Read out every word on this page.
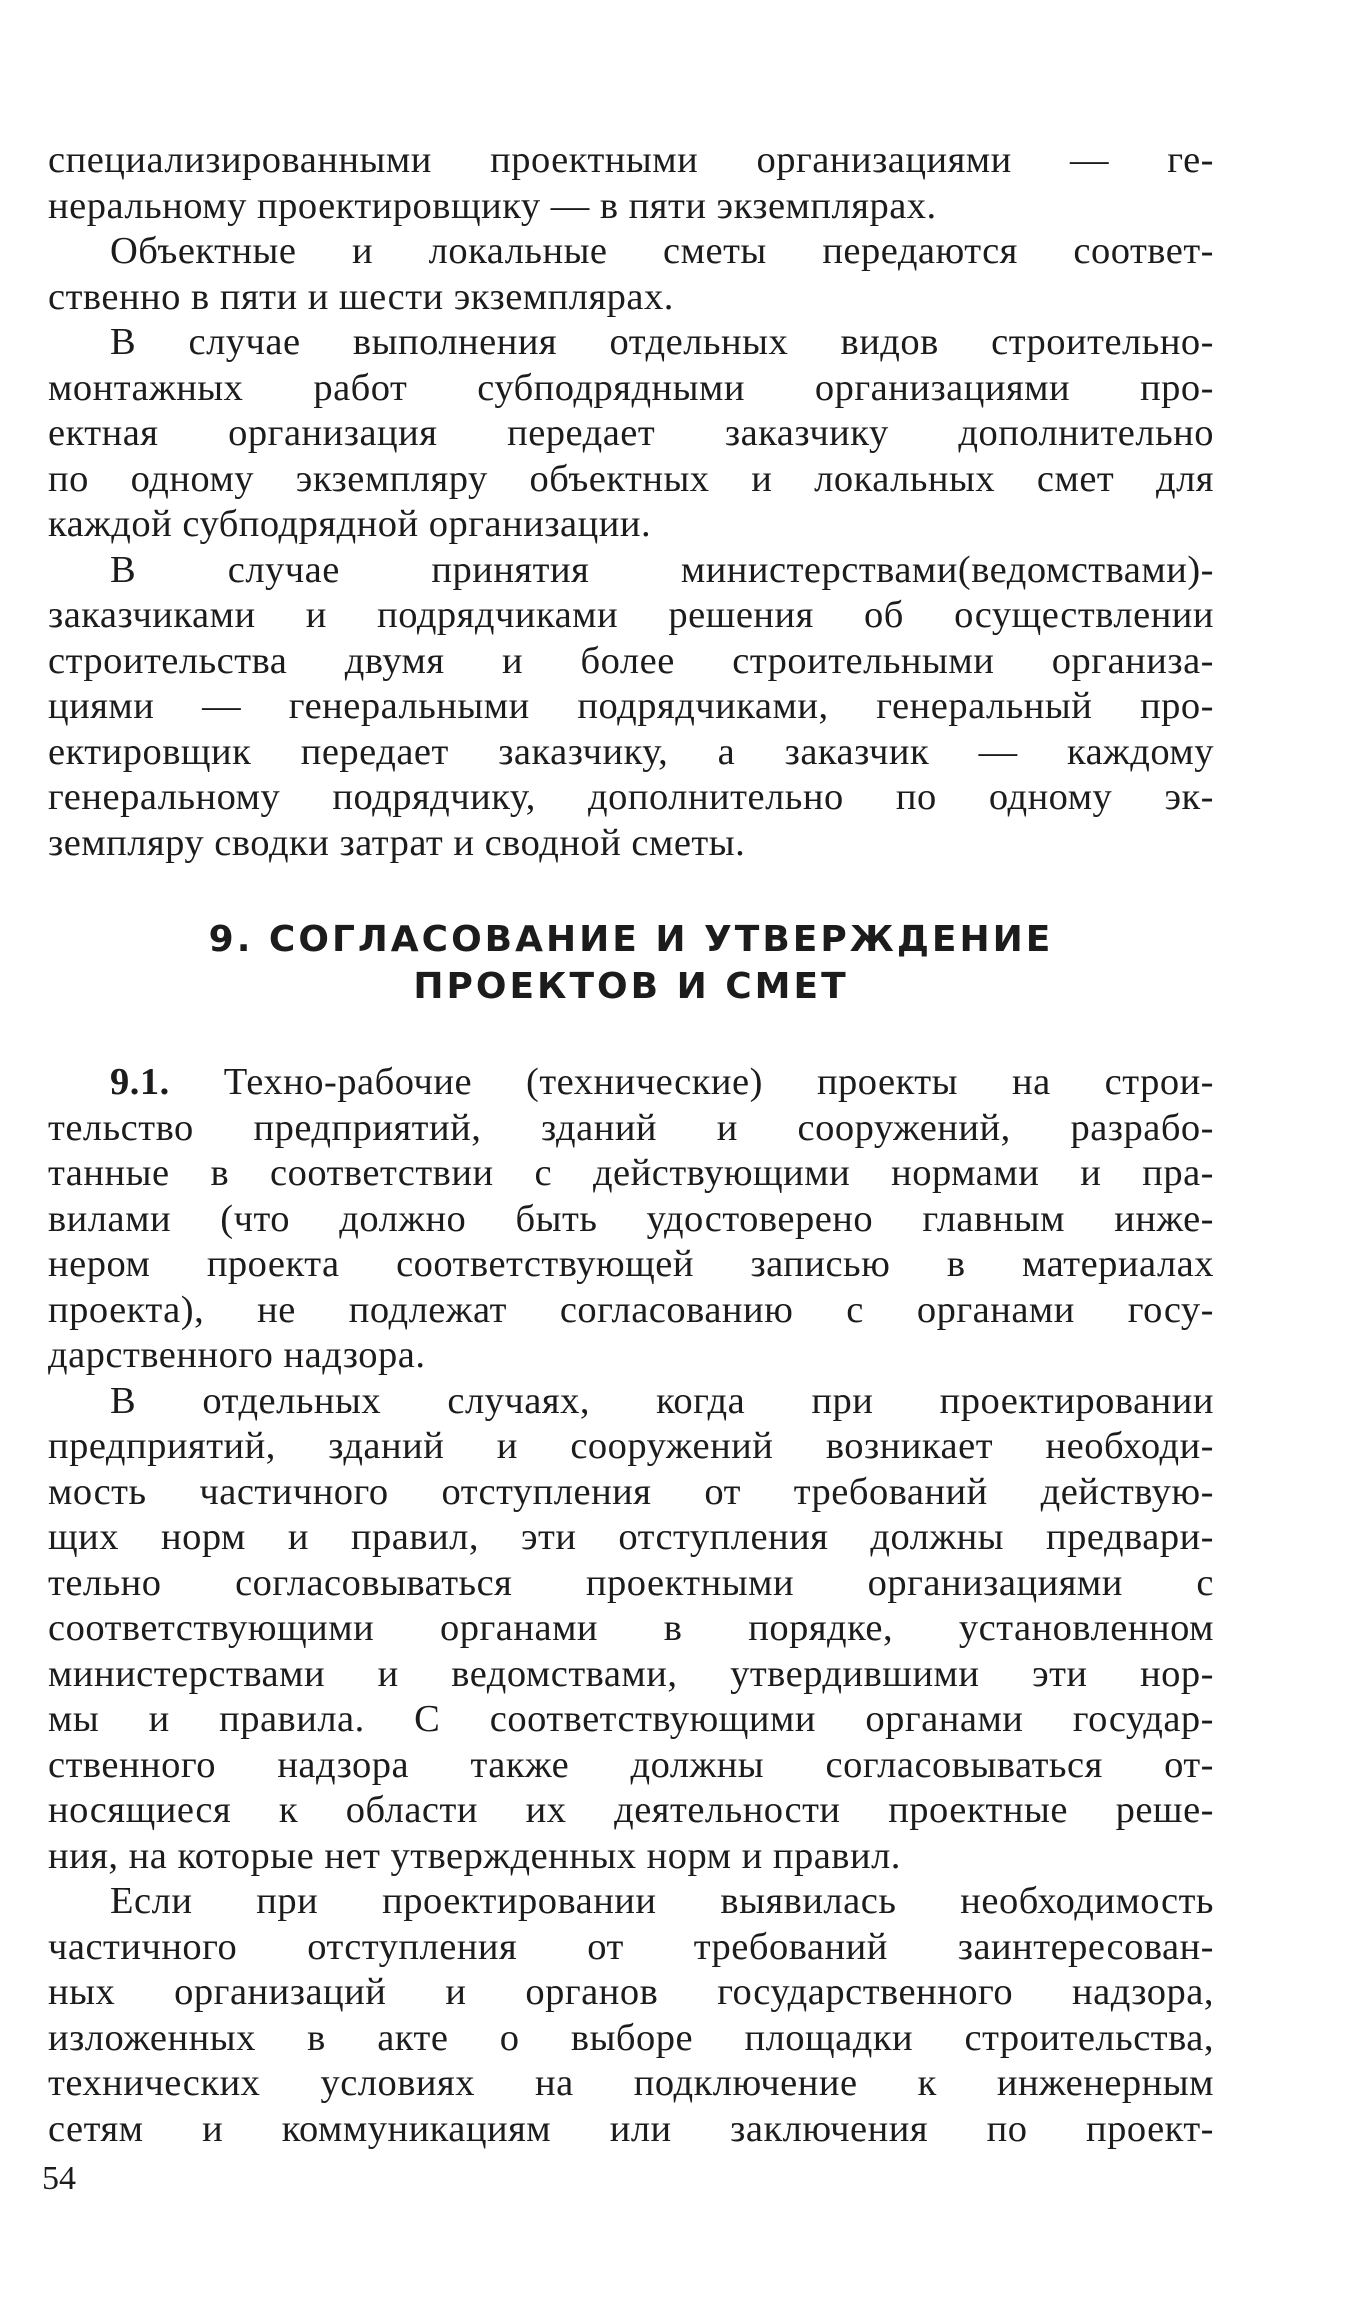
специализированными проектными организациями — ге-
неральному проектировщику — в пяти экземплярах.
Объектные и локальные сметы передаются соответ-
ственно в пяти и шести экземплярах.
В случае выполнения отдельных видов строительно-
монтажных работ субподрядными организациями про-
ектная организация передает заказчику дополнительно
по одному экземпляру объектных и локальных смет для
каждой субподрядной организации.
В случае принятия министерствами(ведомствами)-
заказчиками и подрядчиками решения об осуществлении
строительства двумя и более строительными организа-
циями — генеральными подрядчиками, генеральный про-
ектировщик передает заказчику, а заказчик — каждому
генеральному подрядчику, дополнительно по одному эк-
земпляру сводки затрат и сводной сметы.
9. СОГЛАСОВАНИЕ И УТВЕРЖДЕНИЕ
ПРОЕКТОВ И СМЕТ
9.1. Техно-рабочие (технические) проекты на строи-
тельство предприятий, зданий и сооружений, разрабо-
танные в соответствии с действующими нормами и пра-
вилами (что должно быть удостоверено главным инже-
нером проекта соответствующей записью в материалах
проекта), не подлежат согласованию с органами госу-
дарственного надзора.
В отдельных случаях, когда при проектировании
предприятий, зданий и сооружений возникает необходи-
мость частичного отступления от требований действую-
щих норм и правил, эти отступления должны предвари-
тельно согласовываться проектными организациями с
соответствующими органами в порядке, установленном
министерствами и ведомствами, утвердившими эти нор-
мы и правила. С соответствующими органами государ-
ственного надзора также должны согласовываться от-
носящиеся к области их деятельности проектные реше-
ния, на которые нет утвержденных норм и правил.
Если при проектировании выявилась необходимость
частичного отступления от требований заинтересован-
ных организаций и органов государственного надзора,
изложенных в акте о выборе площадки строительства,
технических условиях на подключение к инженерным
сетям и коммуникациям или заключения по проект-
54
